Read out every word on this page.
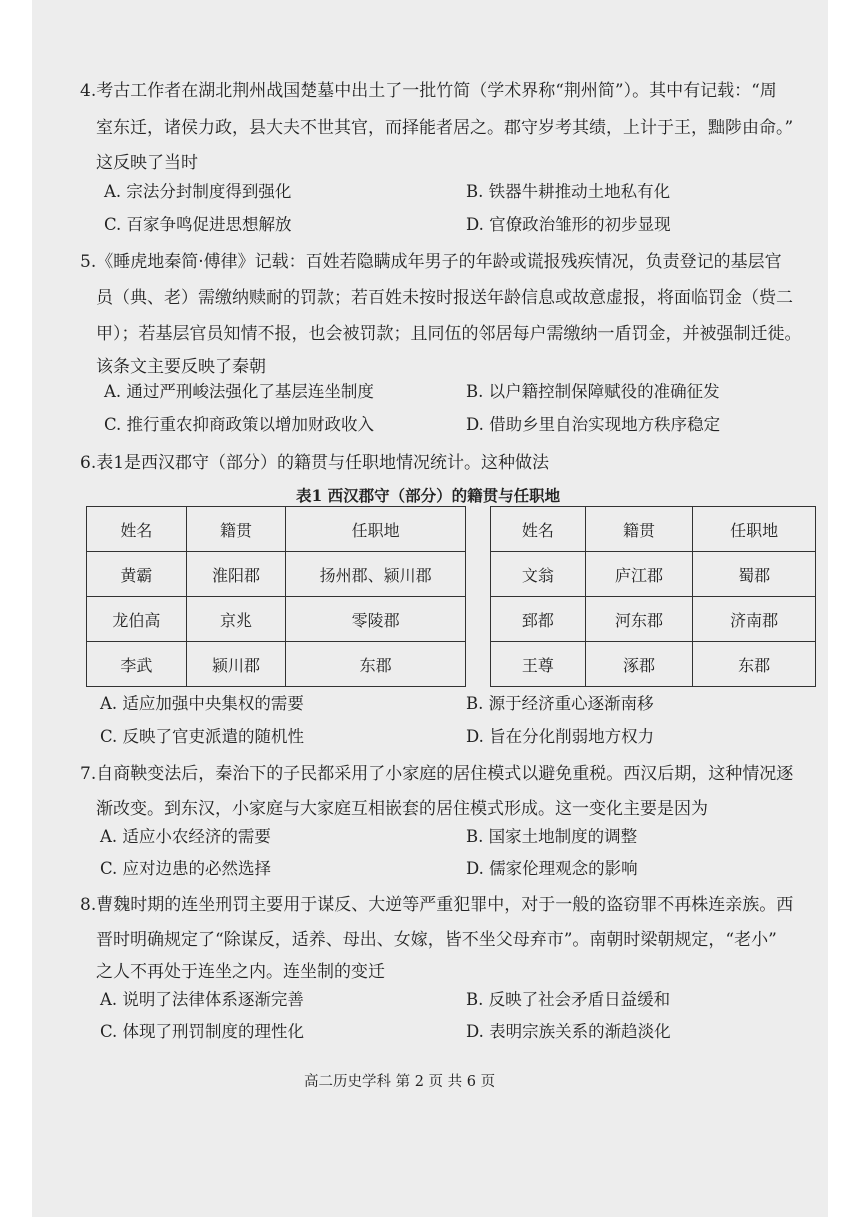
4.考古工作者在湖北荆州战国楚墓中出土了一批竹简（学术界称“荆州简”）。其中有记载：“周
室东迁，诸侯力政，县大夫不世其官，而择能者居之。郡守岁考其绩，上计于王，黜陟由命。”
这反映了当时
A. 宗法分封制度得到强化	B. 铁器牛耕推动土地私有化
C. 百家争鸣促进思想解放	D. 官僚政治雏形的初步显现
5.《睡虎地秦简·傅律》记载：百姓若隐瞒成年男子的年龄或谎报残疾情况，负责登记的基层官
员（典、老）需缴纳赎耐的罚款；若百姓未按时报送年龄信息或故意虚报，将面临罚金（赀二
甲）；若基层官员知情不报，也会被罚款；且同伍的邻居每户需缴纳一盾罚金，并被强制迁徙。
该条文主要反映了秦朝
A. 通过严刑峻法强化了基层连坐制度	B. 以户籍控制保障赋役的准确征发
C. 推行重农抑商政策以增加财政收入	D. 借助乡里自治实现地方秩序稳定
6.表1是西汉郡守（部分）的籍贯与任职地情况统计。这种做法
表1 西汉郡守（部分）的籍贯与任职地
姓名	籍贯	任职地
黄霸	淮阳郡	扬州郡、颍川郡
龙伯高	京兆	零陵郡
李武	颍川郡	东郡
姓名	籍贯	任职地
文翁	庐江郡	蜀郡
郅都	河东郡	济南郡
王尊	涿郡	东郡
A. 适应加强中央集权的需要	B. 源于经济重心逐渐南移
C. 反映了官吏派遣的随机性	D. 旨在分化削弱地方权力
7.自商鞅变法后，秦治下的子民都采用了小家庭的居住模式以避免重税。西汉后期，这种情况逐
渐改变。到东汉，小家庭与大家庭互相嵌套的居住模式形成。这一变化主要是因为
A. 适应小农经济的需要	B. 国家土地制度的调整
C. 应对边患的必然选择	D. 儒家伦理观念的影响
8.曹魏时期的连坐刑罚主要用于谋反、大逆等严重犯罪中，对于一般的盗窃罪不再株连亲族。西
晋时明确规定了“除谋反，适养、母出、女嫁，皆不坐父母弃市”。南朝时梁朝规定，“老小”
之人不再处于连坐之内。连坐制的变迁
A. 说明了法律体系逐渐完善	B. 反映了社会矛盾日益缓和
C. 体现了刑罚制度的理性化	D. 表明宗族关系的渐趋淡化
高二历史学科 第 2 页 共 6 页
